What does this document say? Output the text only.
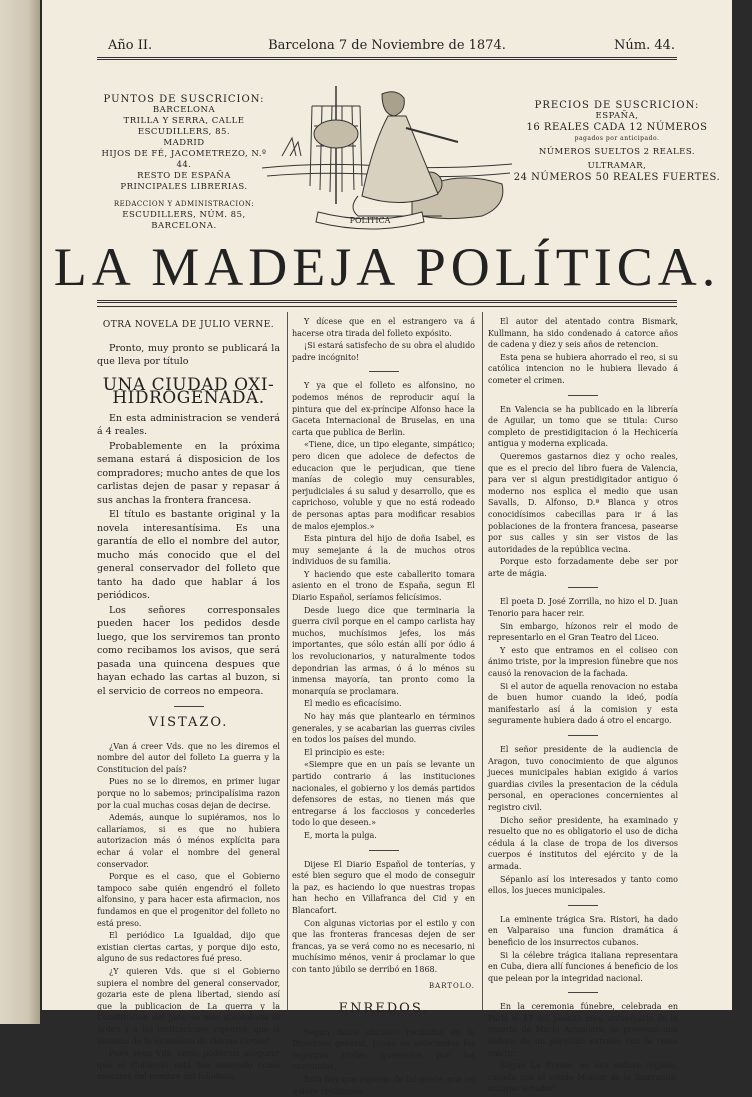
Año II.	Barcelona 7 de Noviembre de 1874.	Núm. 44.
PUNTOS DE SUSCRICION:
BARCELONA
TRILLA Y SERRA, CALLE ESCUDILLERS, 85.
MADRID
HIJOS DE FÉ, JACOMETREZO, N.º 44.
RESTO DE ESPAÑA
PRINCIPALES LIBRERIAS.
REDACCION Y ADMINISTRACION:
ESCUDILLERS, NÚM. 85, BARCELONA.
POLITICA
PRECIOS DE SUSCRICION:
ESPAÑA,
16 REALES CADA 12 NÚMEROS
pagados por anticipado.
NÚMEROS SUELTOS 2 REALES.
ULTRAMAR,
24 NÚMEROS 50 REALES FUERTES.
LA MADEJA POLÍTICA.

OTRA NOVELA DE JULIO VERNE.

Pronto, muy pronto se publicará la que lleva por título

UNA CIUDAD OXI-HIDROGENADA.

En esta administracion se venderá á 4 reales.

Probablemente en la próxima semana estará á disposicion de los compradores; mucho antes de que los carlistas dejen de pasar y repasar á sus anchas la frontera francesa.

El título es bastante original y la novela interesantísima. Es una garantía de ello el nombre del autor, mucho más conocido que el del general conservador del folleto que tanto ha dado que hablar á los periódicos.

Los señores corresponsales pueden hacer los pedidos desde luego, que los serviremos tan pronto como recibamos los avisos, que será pasada una quincena despues que hayan echado las cartas al buzon, si el servicio de correos no empeora.

VISTAZO.

¿Van á creer Vds. que no les diremos el nombre del autor del folleto La guerra y la Constitucion del país?

Pues no se lo diremos, en primer lugar porque no lo sabemos; principalísima razon por la cual muchas cosas dejan de decirse.

Además, aunque lo supiéramos, nos lo callaríamos, si es que no hubiera autorizacion más ó ménos explícita para echar á volar el nombre del general conservador.

Porque es el caso, que el Gobierno tampoco sabe quién engendró el folleto alfonsino, y para hacer esta afirmacion, nos fundamos en que el progenitor del folleto no está preso.

El periódico La Igualdad, dijo que existian ciertas cartas, y porque dijo esto, alguno de sus redactores fué preso.

¿Y quieren Vds. que si el Gobierno supiera el nombre del general conservador, gozaria este de plena libertad, siendo así que la publicacion de La guerra y la Constitucion del país, es más atentatoria al órden y á las instituciones vigentes, que el anuncio de la existencia de ciertas cartas?

Pues vean Vds. como podemos asegurar que el Gobierno está tan enterado como nosotros del nombre del folletista.

Y dícese que en el estrangero va á hacerse otra tirada del folleto expósito.

¡Si estará satisfecho de su obra el aludido padre incógnito!

Y ya que el folleto es alfonsino, no podemos ménos de reproducir aquí la pintura que del ex-príncipe Alfonso hace la Gaceta Internacional de Bruselas, en una carta que publica de Berlin.

«Tiene, dice, un tipo elegante, simpático; pero dicen que adolece de defectos de educacion que le perjudican, que tiene manías de colegio muy censurables, perjudiciales á su salud y desarrollo, que es caprichoso, voluble y que no está rodeado de personas aptas para modificar resabios de malos ejemplos.»

Esta pintura del hijo de doña Isabel, es muy semejante á la de muchos otros individuos de su familia.

Y haciendo que este caballerito tomara asiento en el trono de España, segun El Diario Español, seríamos felicísimos.

Desde luego dice que terminaria la guerra civil porque en el campo carlista hay muchos, muchísimos jefes, los más importantes, que sólo están allí por ódio á los revolucionarios, y naturalmente todos depondrian las armas, ó á lo ménos su inmensa mayoría, tan pronto como la monarquía se proclamara.

El medio es eficacísimo.

No hay más que plantearlo en términos generales, y se acabarian las guerras civiles en todos los países del mundo.

El principio es este:

«Siempre que en un país se levante un partido contrario á las instituciones nacionales, el gobierno y los demás partidos defensores de estas, no tienen más que entregarse á los facciosos y concederles todo lo que deseen.»

E, morta la pulga.

Dijese El Diario Español de tonterías, y esté bien seguro que el modo de conseguir la paz, es haciendo lo que nuestras tropas han hecho en Villafranca del Cid y en Blancafort.

Con algunas victorias por el estilo y con que las fronteras francesas dejen de ser francas, ya se verá como no es necesario, ni muchísimo ménos, venir á proclamar lo que con tanto júbilo se derribó en 1868.

BARTOLO.

ENREDOS.

Segun datos oficiales recibidos en la Direccion general, pasan de setecientos los registros civiles quemados por los carcundas.

Esto hay que esperar de tal gente, que no quiere civilizarse.

El autor del atentado contra Bismark, Kullmann, ha sido condenado á catorce años de cadena y diez y seis años de retencion.

Esta pena se hubiera ahorrado el reo, si su católica intencion no le hubiera llevado á cometer el crimen.

En Valencia se ha publicado en la librería de Aguilar, un tomo que se titula: Curso completo de prestidigitacion ó la Hechicería antigua y moderna explicada.

Queremos gastarnos diez y ocho reales, que es el precio del libro fuera de Valencia, para ver si algun prestidigitador antiguo ó moderno nos esplica el medio que usan Savalls, D. Alfonso, D.ª Blanca y otros conocidísimos cabecillas para ir á las poblaciones de la frontera francesa, pasearse por sus calles y sin ser vistos de las autoridades de la república vecina.

Porque esto forzadamente debe ser por arte de mágia.

El poeta D. José Zorrilla, no hizo el D. Juan Tenorio para hacer reir.

Sin embargo, hízonos reir el modo de representarlo en el Gran Teatro del Liceo.

Y esto que entramos en el coliseo con ánimo triste, por la impresion fúnebre que nos causó la renovacion de la fachada.

Si el autor de aquella renovacion no estaba de buen humor cuando la ideó, podía manifestarlo así á la comision y esta seguramente hubiera dado á otro el encargo.

El señor presidente de la audiencia de Aragon, tuvo conocimiento de que algunos jueces municipales habian exigido á varios guardias civiles la presentacion de la cédula personal, en operaciones concernientes al registro civil.

Dicho señor presidente, ha examinado y resuelto que no es obligatorio el uso de dicha cédula á la clase de tropa de los diversos cuerpos é institutos del ejército y de la armada.

Sépanlo así los interesados y tanto como ellos, los jueces municipales.

La eminente trágica Sra. Ristori, ha dado en Valparaiso una funcion dramática á beneficio de los insurrectos cubanos.

Si la célebre trágica italiana representara en Cuba, diera allí funciones á beneficio de los que pelean por la integridad nacional.

En la ceremonia fúnebre, celebrada en Paris el 17 del pasado mes, aniversario de la muerte de María Antonieta, se presentó una señora de un parecido extraño con la reina mártir.

Segun La Presse, es una señora inglesa, casada con el conde Monier de la Sizeranne, antiguo senador
